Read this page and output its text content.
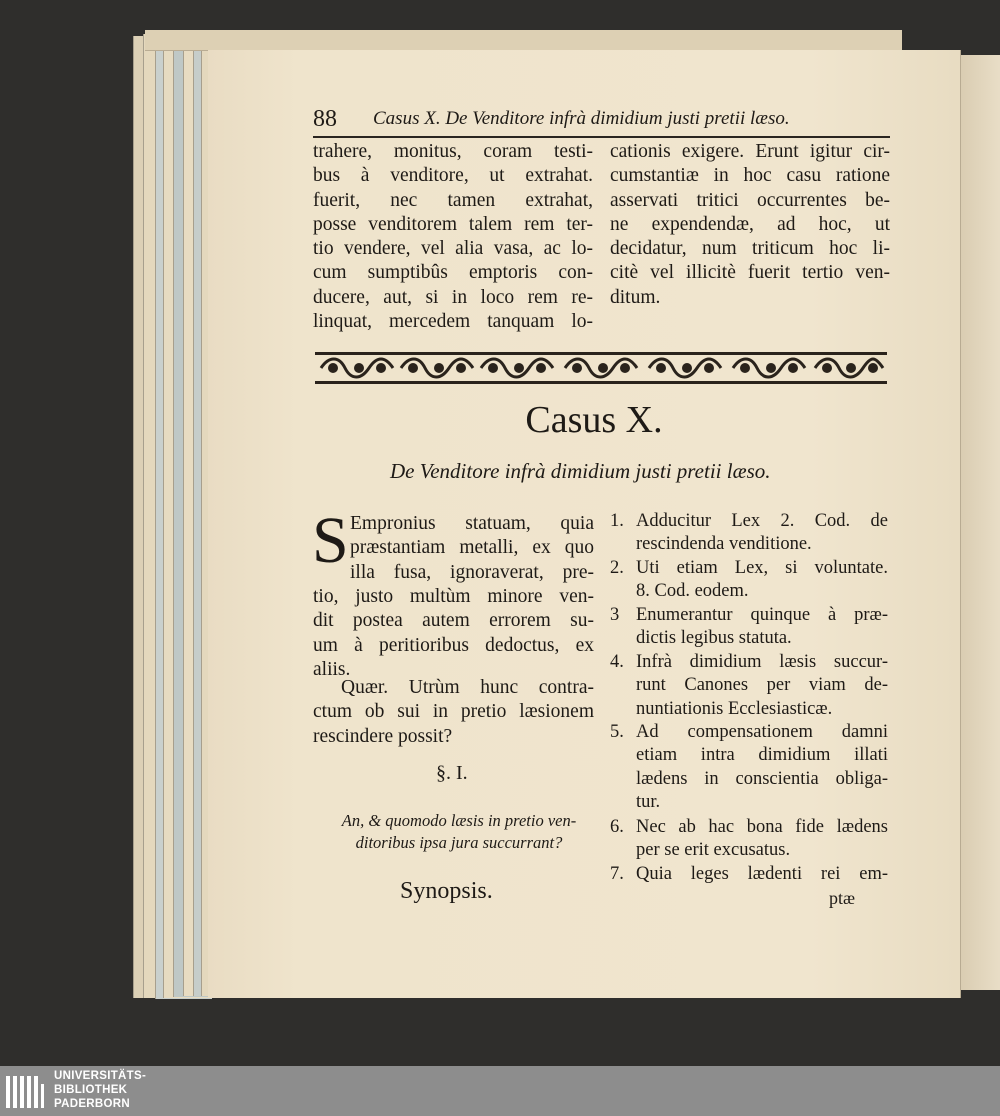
88 Casus X. De Venditore infrà dimidium justi pretii læso.
trahere, monitus, coram testi-
bus à venditore, ut extrahat.
fuerit, nec tamen extrahat,
posse venditorem talem rem ter-
tio vendere, vel alia vasa, ac lo-
cum sumptibûs emptoris con-
ducere, aut, si in loco rem re-
linquat, mercedem tanquam lo-
cationis exigere. Erunt igitur cir-
cumstantiæ in hoc casu ratione
asservati tritici occurrentes be-
ne expendendæ, ad hoc, ut
decidatur, num triticum hoc li-
citè vel illicitè fuerit tertio ven-
ditum.
Casus X.
De Venditore infrà dimidium justi pretii læso.
S Empronius statuam, quia
præstantiam metalli, ex quo
illa fusa, ignoraverat, pre-
tio, justo multùm minore ven-
dit postea autem errorem su-
um à peritioribus dedoctus, ex
aliis.
Quær. Utrùm hunc contra-
ctum ob sui in pretio læsionem
rescindere possit?
§. I.
An, & quomodo læsis in pretio ven-
ditoribus ipsa jura succurrant?
Synopsis.
1. Adducitur Lex 2. Cod. de
rescindenda venditione.
2. Uti etiam Lex, si voluntate.
8. Cod. eodem.
3 Enumerantur quinque à præ-
dictis legibus statuta.
4. Infrà dimidium læsis succur-
runt Canones per viam de-
nuntiationis Ecclesiasticæ.
5. Ad compensationem damni
etiam intra dimidium illati
lædens in conscientia obliga-
tur.
6. Nec ab hac bona fide lædens
per se erit excusatus.
7. Quia leges lædenti rei em-
ptæ
UNIVERSITÄTS-
BIBLIOTHEK
PADERBORN
